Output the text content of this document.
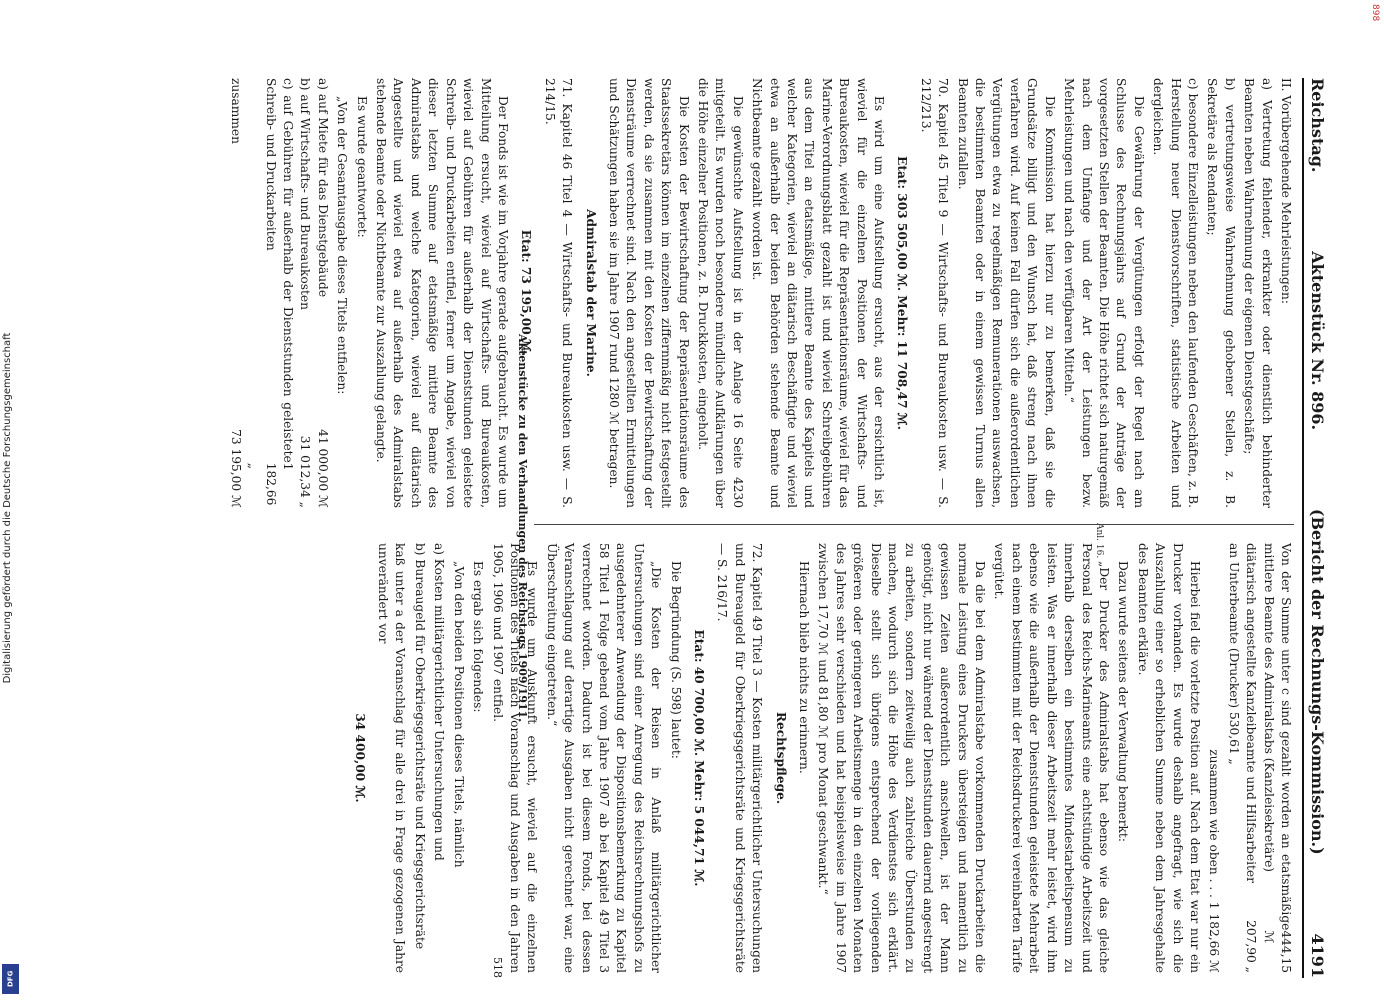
Digitalisierung gefördert durch die Deutsche Forschungsgemeinschaft
DFG
898
Reichstag.
Aktenstück Nr. 896.
(Bericht der Rechnungs-Kommission.)
4191

II. Vorübergehende Mehrleistungen:

a) Vertretung fehlender, erkrankter oder dienstlich behinderter Beamten neben Wahrnehmung der eigenen Dienstgeschäfte;

b) vertretungsweise Wahrnehmung gehobener Stellen, z. B. Sekretäre als Rendanten;

c) besondere Einzelleistungen neben den laufenden Geschäften, z. B. Herstellung neuer Dienstvorschriften, statistische Arbeiten und dergleichen.

Die Gewährung der Vergütungen erfolgt der Regel nach am Schlusse des Rechnungsjahrs auf Grund der Anträge der vorgesetzten Stellen der Beamten. Die Höhe richtet sich naturgemäß nach dem Umfange und der Art der Leistungen bezw. Mehrleistungen und nach den verfügbaren Mitteln.“

Die Kommission hat hierzu nur zu bemerken, daß sie die Grundsätze billigt und den Wunsch hat, daß streng nach ihnen verfahren wird. Auf keinen Fall dürfen sich die außerordentlichen Vergütungen etwa zu regelmäßigen Remunerationen auswachsen, die bestimmten Beamten oder in einem gewissen Turnus allen Beamten zufallen.

70. Kapitel 45 Titel 9 — Wirtschafts- und Bureaukosten usw. — S. 212/213.

Etat: 303 505,00 ℳ. Mehr: 11 708,47 ℳ.

Es wird um eine Aufstellung ersucht, aus der ersichtlich ist, wieviel für die einzelnen Positionen der Wirtschafts- und Bureaukosten, wieviel für die Repräsentationsräume, wieviel für das Marine-Verordnungsblatt gezahlt ist und wieviel Schreibgebühren aus dem Titel an etatsmäßige, mittlere Beamte des Kapitels und welcher Kategorien, wieviel an diätarisch Beschäftigte und wieviel etwa an außerhalb der beiden Behörden stehende Beamte und Nichtbeamte gezahlt worden ist.

Die gewünschte Aufstellung ist in der Anlage 16 Seite 4230 mitgeteilt. Es wurden noch besondere mündliche Aufklärungen über die Höhe einzelner Positionen, z. B. Druckkosten, eingeholt.

Die Kosten der Bewirtschaftung der Repräsentationsräume des Staatssekretärs können im einzelnen ziffernmäßig nicht festgestellt werden, da sie zusammen mit den Kosten der Bewirtschaftung der Diensträume verrechnet sind. Nach den angestellten Ermittelungen und Schätzungen haben sie im Jahre 1907 rund 1280 ℳ betragen.

Admiralstab der Marine.

71. Kapitel 46 Titel 4 — Wirtschafts- und Bureaukosten usw. — S. 214/15.

Etat: 73 195,00 ℳ.

Der Fonds ist wie im Vorjahre gerade aufgebraucht. Es wurde um Mitteilung ersucht, wieviel auf Wirtschafts- und Bureaukosten, wieviel auf Gebühren für außerhalb der Dienststunden geleistete Schreib- und Druckarbeiten entfiel, ferner um Angabe, wieviel von dieser letzten Summe auf etatsmäßige mittlere Beamte des Admiralstabs und welche Kategorien, wieviel auf diätarisch Angestellte und wieviel etwa auf außerhalb des Admiralstabs stehende Beamte oder Nichtbeamte zur Auszahlung gelangte.

Es wurde geantwortet:

„Von der Gesamtausgabe dieses Titels entfielen:

a) auf Miete für das Dienstgebäude
41 000,00 ℳ
b) auf Wirtschafts- und Bureaukosten
31 012,34 „
c) auf Gebühren für außerhalb der Dienststunden geleistete Schreib- und Druckarbeiten
1 182,66 „
zusammen
73 195,00 ℳ
Anl. 16.
Von der Summe unter c sind gezahlt worden an etatsmäßige mittlere Beamte des Admiralstabs (Kanzleisekretäre)
444,15 ℳ
diätarisch angestellte Kanzleibeamte und Hilfsarbeiter
207,90 „

an Unterbeamte (Drucker) 530,61 „

zusammen wie oben . . . 1 182,66 ℳ

Hierbei fiel die vorletzte Position auf. Nach dem Etat war nur ein Drucker vorhanden. Es wurde deshalb angefragt, wie sich die Auszahlung einer so erheblichen Summe neben dem Jahresgehalte des Beamten erkläre.

Dazu wurde seitens der Verwaltung bemerkt:

„Der Drucker des Admiralstabs hat ebenso wie das gleiche Personal des Reichs-Marineamts eine achtstündige Arbeitszeit und innerhalb derselben ein bestimmtes Mindestarbeitspensum zu leisten. Was er innerhalb dieser Arbeitszeit mehr leistet, wird ihm ebenso wie die außerhalb der Dienststunden geleistete Mehrarbeit nach einem bestimmten mit der Reichsdruckerei vereinbarten Tarife vergütet.

Da die bei dem Admiralstabe vorkommenden Druckarbeiten die normale Leistung eines Druckers übersteigen und namentlich zu gewissen Zeiten außerordentlich anschwellen, ist der Mann genötigt, nicht nur während der Dienststunden dauernd angestrengt zu arbeiten, sondern zeitweilig auch zahlreiche Überstunden zu machen, wodurch sich die Höhe des Verdienstes sich erklärt. Dieselbe stellt sich übrigens entsprechend der vorliegenden größeren oder geringeren Arbeitsmenge in den einzelnen Monaten des Jahres sehr verschieden und hat beispielsweise im Jahre 1907 zwischen 17,70 ℳ und 81,80 ℳ pro Monat geschwankt.“

Hiernach blieb nichts zu erinnern.

Rechtspflege.

72. Kapitel 49 Titel 3 — Kosten militärgerichtlicher Untersuchungen und Bureaugeld für Oberkriegsgerichtsräte und Kriegsgerichtsräte — S. 216/17.

Etat: 40 700,00 ℳ. Mehr: 5 044,71 ℳ.

Die Begründung (S. 598) lautet:

„Die Kosten der Reisen in Anlaß militärgerichtlicher Untersuchungen sind einer Anregung des Reichsrechnungshofs zu ausgedehnterer Anwendung der Dispositionsbemerkung zu Kapitel 58 Titel 1 Folge gebend vom Jahre 1907 ab bei Kapitel 49 Titel 3 verrechnet worden. Dadurch ist bei diesem Fonds, bei dessen Veranschlagung auf derartige Ausgaben nicht gerechnet war, eine Überschreitung eingetreten.“

Es wurde um Auskunft ersucht, wieviel auf die einzelnen Positionen des Titels nach Voranschlag und Ausgaben in den Jahren 1905, 1906 und 1907 entfiel.

Es ergab sich folgendes:

„Von den beiden Positionen dieses Titels, nämlich

a) Kosten militärgerichtlicher Untersuchungen und

b) Bureaugeld für Oberkriegsgerichtsräte und Kriegsgerichtsräte

kaß unter a der Voranschlag für alle drei in Frage gezogenen Jahre unverändert vor

34 400,00 ℳ.

Aktenstücke zu den Verhandlungen des Reichstags 1909/1911.
518
